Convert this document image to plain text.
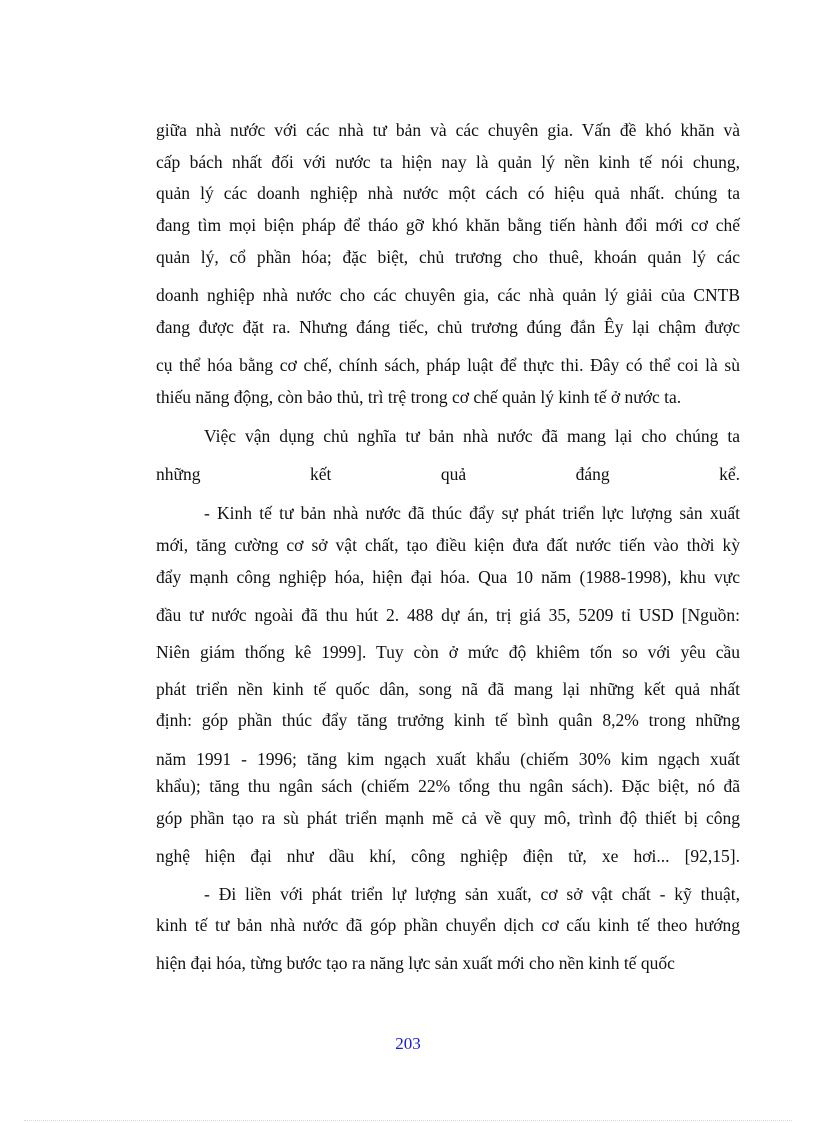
giữa nhà nước với các nhà tư bản và các chuyên gia. Vấn đề khó khăn và
cấp bách nhất đối với nước ta hiện nay là quản lý nền kinh tế nói chung,
quản lý các doanh nghiệp nhà nước một cách có hiệu quả nhất. chúng ta
đang tìm mọi biện pháp để tháo gỡ khó khăn bằng tiến hành đổi mới cơ chế
quản lý, cổ phần hóa; đặc biệt, chủ trương cho thuê, khoán quản lý các
doanh nghiệp nhà nước cho các chuyên gia, các nhà quản lý giải của CNTB
đang được đặt ra. Nhưng đáng tiếc, chủ trương đúng đắn Êy lại chậm được
cụ thể hóa bằng cơ chế, chính sách, pháp luật để thực thi. Đây có thể coi là sù
thiếu năng động, còn bảo thủ, trì trệ trong cơ chế quản lý kinh tế ở nước ta.
Việc vận dụng chủ nghĩa tư bản nhà nước đã mang lại cho chúng ta
những kết quả đáng kể.
- Kinh tế tư bản nhà nước đã thúc đẩy sự phát triển lực lượng sản xuất
mới, tăng cường cơ sở vật chất, tạo điều kiện đưa đất nước tiến vào thời kỳ
đẩy mạnh công nghiệp hóa, hiện đại hóa. Qua 10 năm (1988-1998), khu vực
đầu tư nước ngoài đã thu hút 2. 488 dự án, trị giá 35, 5209 tỉ USD [Nguồn:
Niên giám thống kê 1999]. Tuy còn ở mức độ khiêm tốn so với yêu cầu
phát triển nền kinh tế quốc dân, song nã đã mang lại những kết quả nhất
định: góp phần thúc đẩy tăng trưởng kinh tế bình quân 8,2% trong những
năm 1991 - 1996; tăng kim ngạch xuất khẩu (chiếm 30% kim ngạch xuất
khẩu); tăng thu ngân sách (chiếm 22% tổng thu ngân sách). Đặc biệt, nó đã
góp phần tạo ra sù phát triển mạnh mẽ cả về quy mô, trình độ thiết bị công
nghệ hiện đại như dầu khí, công nghiệp điện tử, xe hơi... [92,15].
- Đi liền với phát triển lự lượng sản xuất, cơ sở vật chất - kỹ thuật,
kinh tế tư bản nhà nước đã góp phần chuyển dịch cơ cấu kinh tế theo hướng
hiện đại hóa, từng bước tạo ra năng lực sản xuất mới cho nền kinh tế quốc
203
